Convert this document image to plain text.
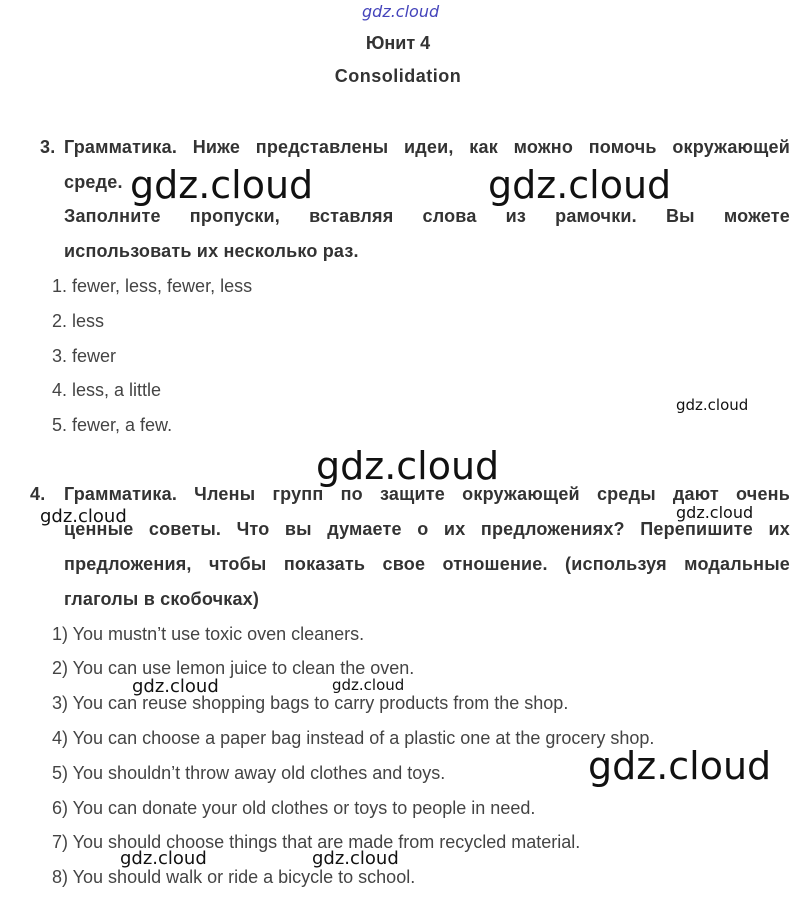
gdz.cloud
Юнит 4
Consolidation
3. Грамматика. Ниже представлены идеи, как можно помочь окружающей
среде.
Заполните пропуски, вставляя слова из рамочки. Вы можете
использовать их несколько раз.
1. fewer, less, fewer, less
2. less
3. fewer
4. less, a little
5. fewer, a few.
4. Грамматика. Члены групп по защите окружающей среды дают очень
ценные советы. Что вы думаете о их предложениях? Перепишите их
предложения, чтобы показать свое отношение. (используя модальные
глаголы в скобочках)
1) You mustn’t use toxic oven cleaners.
2) You can use lemon juice to clean the oven.
3) You can reuse shopping bags to carry products from the shop.
4) You can choose a paper bag instead of a plastic one at the grocery shop.
5) You shouldn’t throw away old clothes and toys.
6) You can donate your old clothes or toys to people in need.
7) You should choose things that are made from recycled material.
8) You should walk or ride a bicycle to school.
gdz.cloud	gdz.cloud
gdz.cloud
gdz.cloud
gdz.cloud
gdz.cloud
gdz.cloud	gdz.cloud
gdz.cloud
gdz.cloud	gdz.cloud
